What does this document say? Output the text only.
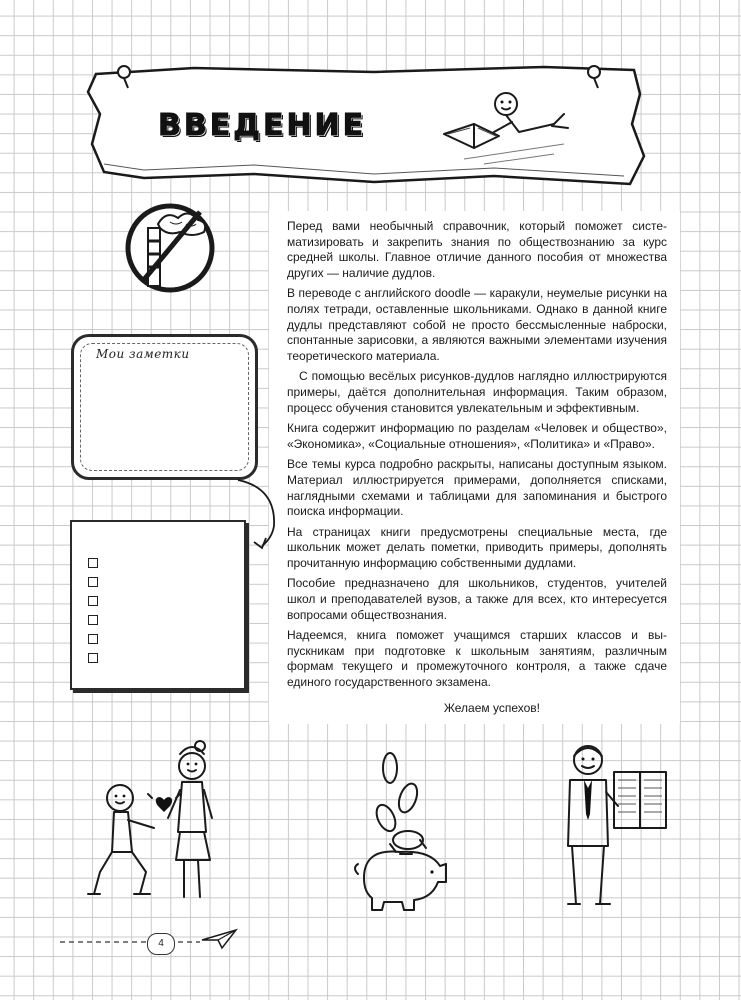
ВВЕДЕНИЕ

Перед вами необычный справочник, который поможет систематизировать и закрепить знания по обществознанию за курс средней школы. Главное отличие данного пособия от множества других — наличие дудлов.

В переводе с английского doodle — каракули, неумелые рисунки на полях тетради, оставленные школьниками. Однако в данной книге дудлы представляют собой не просто бессмысленные наброски, спонтанные зарисовки, а являются важными элементами изучения теоретического материала.

С помощью весёлых рисунков-дудлов наглядно иллюстрируются примеры, даётся дополнительная информация. Таким образом, процесс обучения становится увлекательным и эффективным.

Книга содержит информацию по разделам «Человек и общество», «Экономика», «Социальные отношения», «Политика» и «Право».

Все темы курса подробно раскрыты, написаны доступным языком. Материал иллюстрируется примерами, дополняется списками, наглядными схемами и таблицами для запоминания и быстрого поиска информации.

На страницах книги предусмотрены специальные места, где школьник может делать пометки, приводить примеры, дополнять прочитанную информацию собственными дудлами.

Пособие предназначено для школьников, студентов, учителей школ и преподавателей вузов, а также для всех, кто интересуется вопросами обществознания.

Надеемся, книга поможет учащимся старших классов и выпускникам при подготовке к школьным занятиям, различным формам текущего и промежуточного контроля, а также сдаче единого государственного экзамена.

Желаем успехов!
Мои заметки
4
